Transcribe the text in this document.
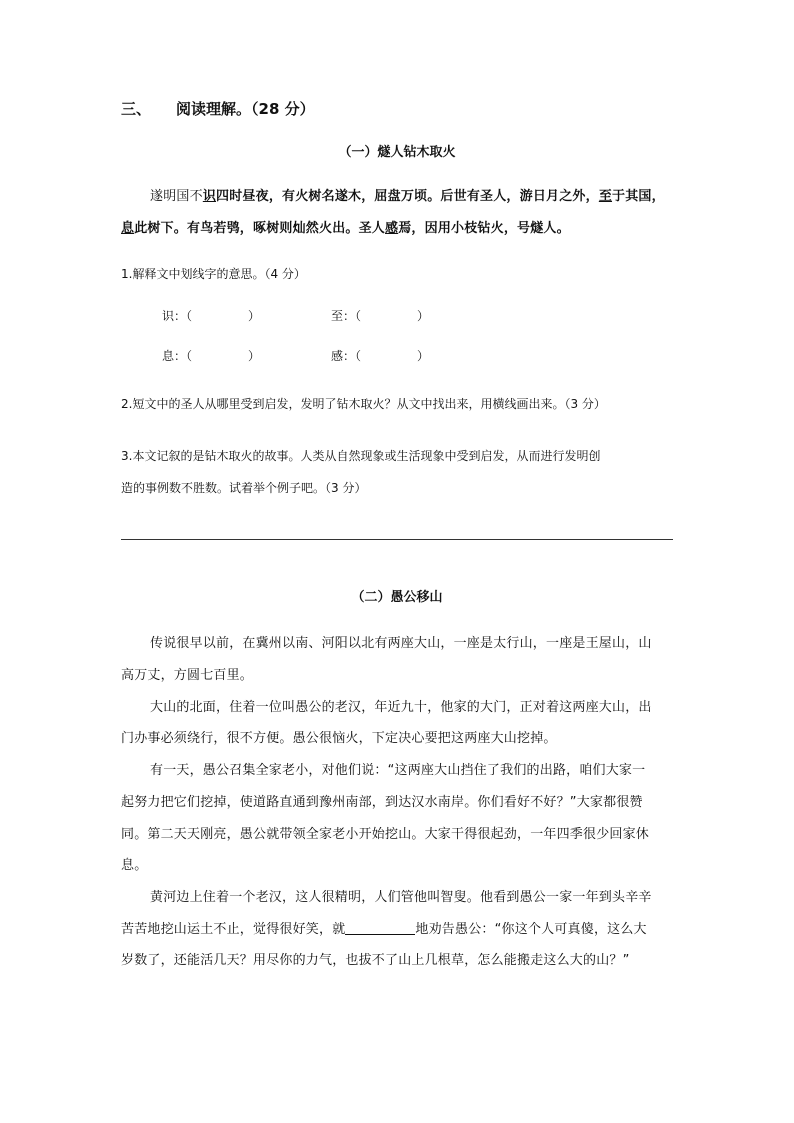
三、 阅读理解。（28 分）
（一）燧人钻木取火
遂明国不识四时昼夜，有火树名遂木，屈盘万顷。后世有圣人，游日月之外，至于其国，
息此树下。有鸟若鸮，啄树则灿然火出。圣人感焉，因用小枝钻火，号燧人。
1.解释文中划线字的意思。（4 分）
识：（	）	至：（	）
息：（	）	感：（	）
2.短文中的圣人从哪里受到启发，发明了钻木取火？从文中找出来，用横线画出来。（3 分）
3.本文记叙的是钻木取火的故事。人类从自然现象或生活现象中受到启发，从而进行发明创
造的事例数不胜数。试着举个例子吧。（3 分）
（二）愚公移山
传说很早以前，在冀州以南、河阳以北有两座大山，一座是太行山，一座是王屋山，山
高万丈，方圆七百里。
大山的北面，住着一位叫愚公的老汉，年近九十，他家的大门，正对着这两座大山，出
门办事必须绕行，很不方便。愚公很恼火，下定决心要把这两座大山挖掉。
有一天，愚公召集全家老小，对他们说：“这两座大山挡住了我们的出路，咱们大家一
起努力把它们挖掉，使道路直通到豫州南部，到达汉水南岸。你们看好不好？”大家都很赞
同。第二天天刚亮，愚公就带领全家老小开始挖山。大家干得很起劲，一年四季很少回家休
息。
黄河边上住着一个老汉，这人很精明，人们管他叫智叟。他看到愚公一家一年到头辛辛
苦苦地挖山运土不止，觉得很好笑，就	地劝告愚公：“你这个人可真傻，这么大
岁数了，还能活几天？用尽你的力气，也拔不了山上几根草，怎么能搬走这么大的山？”
